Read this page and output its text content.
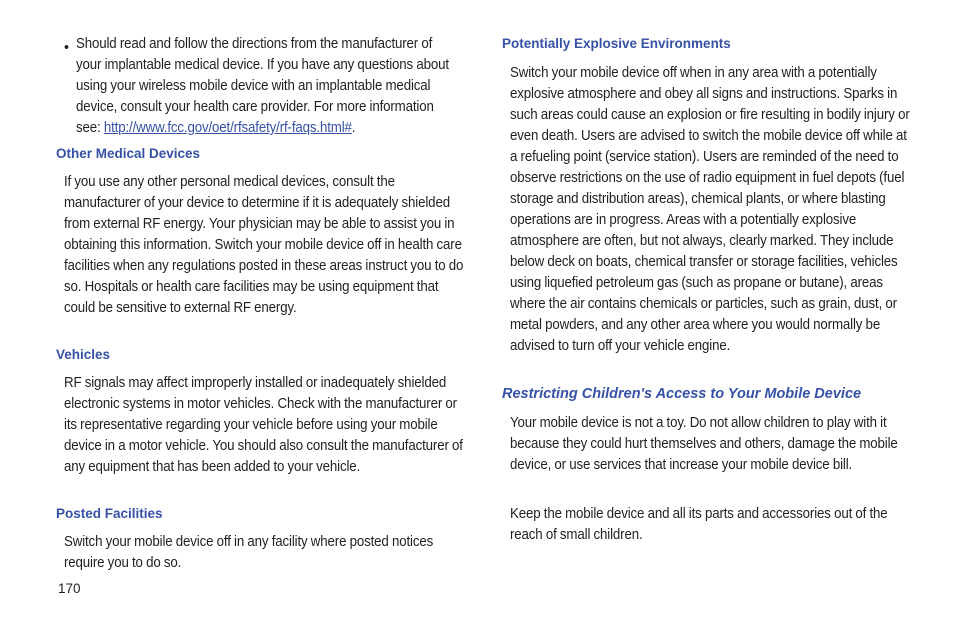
• Should read and follow the directions from the manufacturer of your implantable medical device. If you have any questions about using your wireless mobile device with an implantable medical device, consult your health care provider. For more information see: http://www.fcc.gov/oet/rfsafety/rf-faqs.html#.

Other Medical Devices

If you use any other personal medical devices, consult the manufacturer of your device to determine if it is adequately shielded from external RF energy. Your physician may be able to assist you in obtaining this information. Switch your mobile device off in health care facilities when any regulations posted in these areas instruct you to do so. Hospitals or health care facilities may be using equipment that could be sensitive to external RF energy.

Vehicles

RF signals may affect improperly installed or inadequately shielded electronic systems in motor vehicles. Check with the manufacturer or its representative regarding your vehicle before using your mobile device in a motor vehicle. You should also consult the manufacturer of any equipment that has been added to your vehicle.

Posted Facilities

Switch your mobile device off in any facility where posted notices require you to do so.

Potentially Explosive Environments

Switch your mobile device off when in any area with a potentially explosive atmosphere and obey all signs and instructions. Sparks in such areas could cause an explosion or fire resulting in bodily injury or even death. Users are advised to switch the mobile device off while at a refueling point (service station). Users are reminded of the need to observe restrictions on the use of radio equipment in fuel depots (fuel storage and distribution areas), chemical plants, or where blasting operations are in progress. Areas with a potentially explosive atmosphere are often, but not always, clearly marked. They include below deck on boats, chemical transfer or storage facilities, vehicles using liquefied petroleum gas (such as propane or butane), areas where the air contains chemicals or particles, such as grain, dust, or metal powders, and any other area where you would normally be advised to turn off your vehicle engine.

Restricting Children's Access to Your Mobile Device

Your mobile device is not a toy. Do not allow children to play with it because they could hurt themselves and others, damage the mobile device, or use services that increase your mobile device bill.

Keep the mobile device and all its parts and accessories out of the reach of small children.

170
